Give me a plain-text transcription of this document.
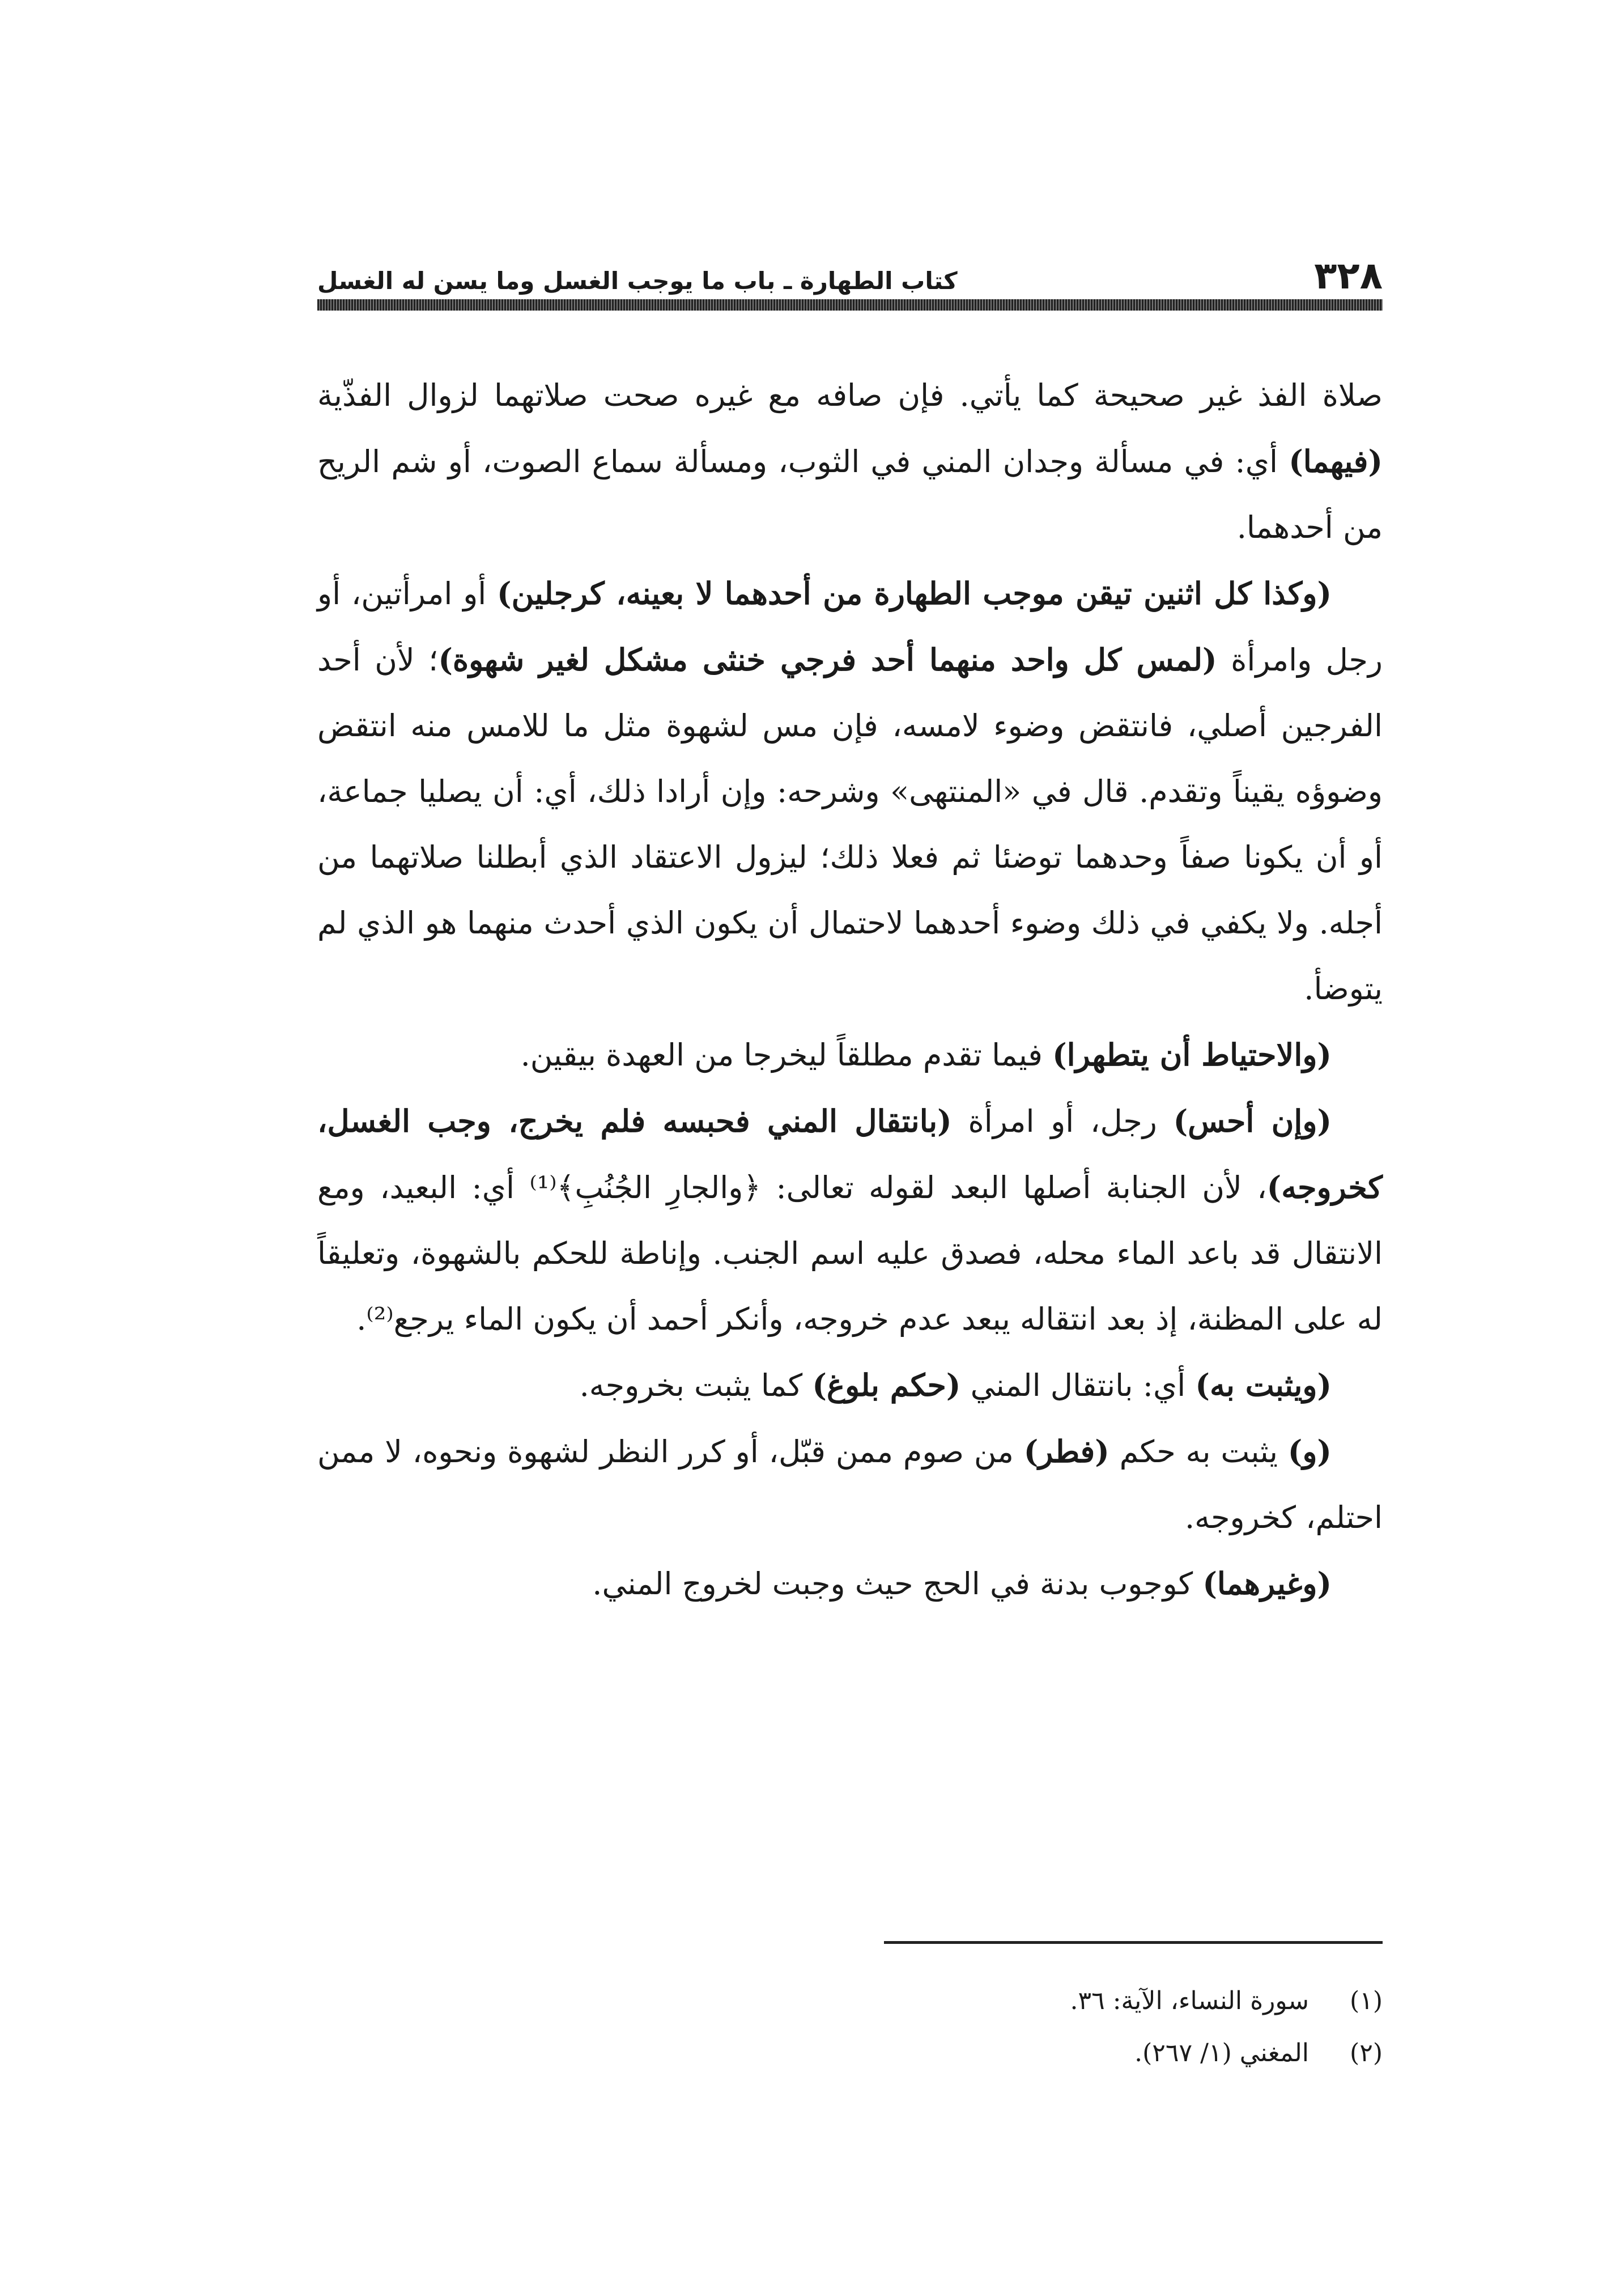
٣٢٨
كتاب الطهارة ـ باب ما يوجب الغسل وما يسن له الغسل

صلاة الفذ غير صحيحة كما يأتي. فإن صافه مع غيره صحت صلاتهما لزوال الفذّية (فيهما) أي: في مسألة وجدان المني في الثوب، ومسألة سماع الصوت، أو شم الريح من أحدهما.

(وكذا كل اثنين تيقن موجب الطهارة من أحدهما لا بعينه، كرجلين) أو امرأتين، أو رجل وامرأة (لمس كل واحد منهما أحد فرجي خنثى مشكل لغير شهوة)؛ لأن أحد الفرجين أصلي، فانتقض وضوء لامسه، فإن مس لشهوة مثل ما للامس منه انتقض وضوؤه يقيناً وتقدم. قال في «المنتهى» وشرحه: وإن أرادا ذلك، أي: أن يصليا جماعة، أو أن يكونا صفاً وحدهما توضئا ثم فعلا ذلك؛ ليزول الاعتقاد الذي أبطلنا صلاتهما من أجله. ولا يكفي في ذلك وضوء أحدهما لاحتمال أن يكون الذي أحدث منهما هو الذي لم يتوضأ.

(والاحتياط أن يتطهرا) فيما تقدم مطلقاً ليخرجا من العهدة بيقين.

(وإن أحس) رجل، أو امرأة (بانتقال المني فحبسه فلم يخرج، وجب الغسل، كخروجه)، لأن الجنابة أصلها البعد لقوله تعالى: ﴿والجارِ الجُنُبِ﴾⁽¹⁾ أي: البعيد، ومع الانتقال قد باعد الماء محله، فصدق عليه اسم الجنب. وإناطة للحكم بالشهوة، وتعليقاً له على المظنة، إذ بعد انتقاله يبعد عدم خروجه، وأنكر أحمد أن يكون الماء يرجع⁽²⁾.

(ويثبت به) أي: بانتقال المني (حكم بلوغ) كما يثبت بخروجه.

(و) يثبت به حكم (فطر) من صوم ممن قبّل، أو كرر النظر لشهوة ونحوه، لا ممن احتلم، كخروجه.

(وغيرهما) كوجوب بدنة في الحج حيث وجبت لخروج المني.

(١)
سورة النساء، الآية: ٣٦.
(٢)
المغني (١/ ٢٦٧).
